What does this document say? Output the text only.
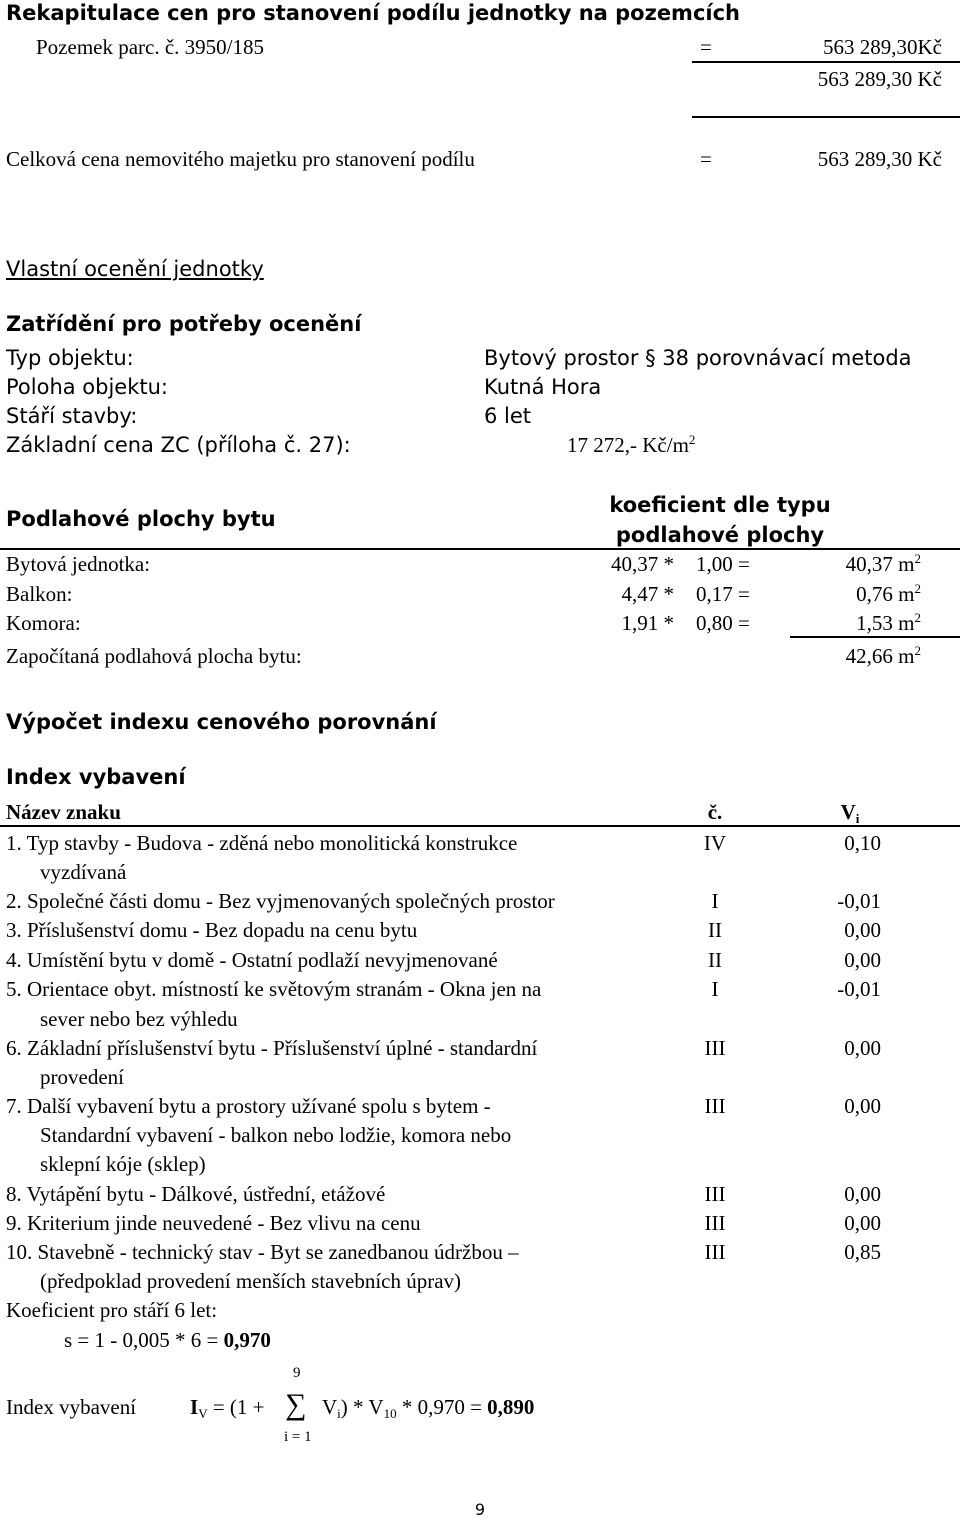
Rekapitulace cen pro stanovení podílu jednotky na pozemcích
Pozemek parc. č. 3950/185	=	563 289,30Kč
563 289,30 Kč
Celková cena nemovitého majetku pro stanovení podílu	=	563 289,30 Kč
Vlastní ocenění jednotky
Zatřídění pro potřeby ocenění
Typ objektu:	Bytový prostor § 38 porovnávací metoda
Poloha objektu:	Kutná Hora
Stáří stavby:	6 let
Základní cena ZC (příloha č. 27):	17 272,- $Kč/m^2$
Podlahové plochy bytu
koeficient dle typu
podlahové plochy
Bytová jednotka:	40,37 * 1,00 =	40,37 $m^2$
Balkon:	4,47 * 0,17 =	0,76 $m^2$
Komora:	1,91 * 0,80 =	1,53 $m^2$
Započítaná podlahová plocha bytu:	42,66 $m^2$
Výpočet indexu cenového porovnání
Index vybavení
Název znaku	č.	$V_i$
1. Typ stavby - Budova - zděná nebo monolitická konstrukce
vyzdívaná
IV	0,10
2. Společné části domu - Bez vyjmenovaných společných prostor	I	-0,01
3. Příslušenství domu - Bez dopadu na cenu bytu	II	0,00
4. Umístění bytu v domě - Ostatní podlaží nevyjmenované	II	0,00
5. Orientace obyt. místností ke světovým stranám - Okna jen na
sever nebo bez výhledu
I	-0,01
6. Základní příslušenství bytu - Příslušenství úplné - standardní
provedení
III	0,00
7. Další vybavení bytu a prostory užívané spolu s bytem -
Standardní vybavení - balkon nebo lodžie, komora nebo
sklepní kóje (sklep)
III	0,00
8. Vytápění bytu - Dálkové, ústřední, etážové	III	0,00
9. Kriterium jinde neuvedené - Bez vlivu na cenu	III	0,00
10. Stavebně - technický stav - Byt se zanedbanou údržbou –
(předpoklad provedení menších stavebních úprav)
III	0,85
Koeficient pro stáří 6 let:
s = 1 - 0,005 * 6 = 0,970
9
Index vybavení	$I_V = (1$ + ∑ $V_i) * V_{10} * 0,970 = 0,890$
i = 1
9
